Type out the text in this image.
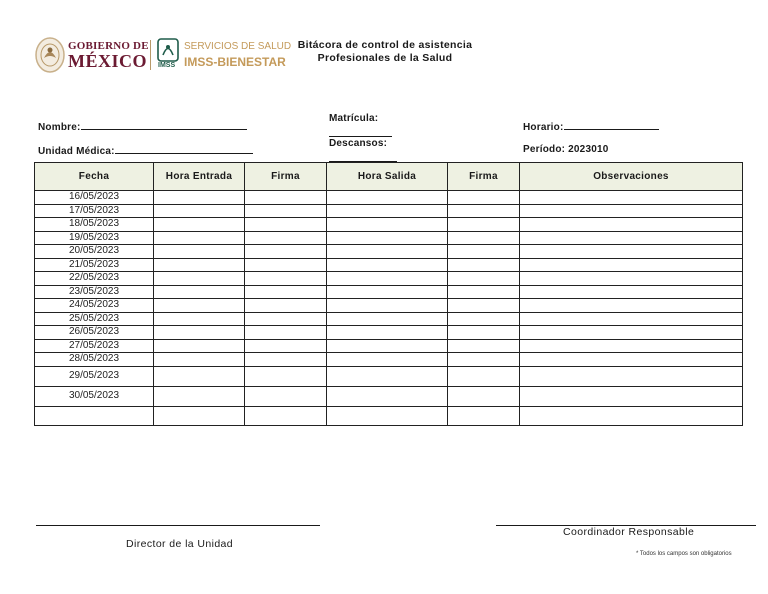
GOBIERNO DE
MÉXICO IMSS
SERVICIOS DE SALUD
IMSS-BIENESTAR
Bitácora de control de asistencia
Profesionales de la Salud
Nombre:
Unidad Médica:
Matrícula:
Descansos:
Horario:
Período: 2023010
Fecha	Hora Entrada	Firma	Hora Salida	Firma	Observaciones
16/05/2023					
17/05/2023					
18/05/2023					
19/05/2023					
20/05/2023					
21/05/2023					
22/05/2023					
23/05/2023					
24/05/2023					
25/05/2023					
26/05/2023					
27/05/2023					
28/05/2023					
29/05/2023					
30/05/2023					

Director de la Unidad
Coordinador Responsable
* Todos los campos son obligatorios
